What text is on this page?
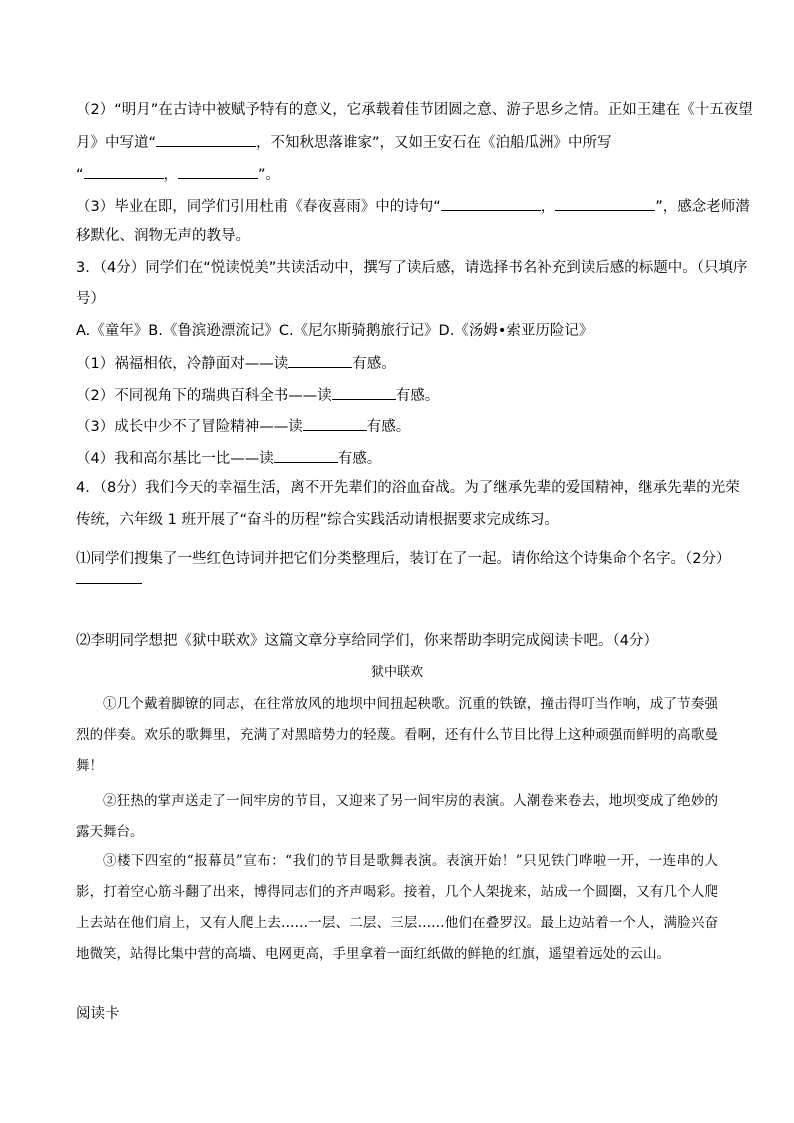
（2）“明月”在古诗中被赋予特有的意义，它承载着佳节团圆之意、游子思乡之情。正如王建在《十五夜望
月》中写道“	，不知秋思落谁家”，又如王安石在《泊船瓜洲》中所写
“	，	”。
（3）毕业在即，同学们引用杜甫《春夜喜雨》中的诗句“	，	”，感念老师潜
移默化、润物无声的教导。
3．（4分）同学们在“悦读悦美”共读活动中，撰写了读后感，请选择书名补充到读后感的标题中。（只填序
号）
A.《童年》B.《鲁滨逊漂流记》C.《尼尔斯骑鹅旅行记》D.《汤姆•索亚历险记》
（1）祸福相依，冷静面对——读	有感。
（2）不同视角下的瑞典百科全书——读	有感。
（3）成长中少不了冒险精神——读	有感。
（4）我和高尔基比一比——读	有感。
4．（8分）我们今天的幸福生活，离不开先辈们的浴血奋战。为了继承先辈的爱国精神，继承先辈的光荣
传统，六年级 1 班开展了“奋斗的历程”综合实践活动请根据要求完成练习。
⑴同学们搜集了一些红色诗词并把它们分类整理后，装订在了一起。请你给这个诗集命个名字。（2分）
⑵李明同学想把《狱中联欢》这篇文章分享给同学们，你来帮助李明完成阅读卡吧。（4分）
狱中联欢

①几个戴着脚镣的同志，在往常放风的地坝中间扭起秧歌。沉重的铁镣，撞击得叮当作响，成了节奏强烈的伴奏。欢乐的歌舞里，充满了对黑暗势力的轻蔑。看啊，还有什么节目比得上这种顽强而鲜明的高歌曼舞！

②狂热的掌声送走了一间牢房的节目，又迎来了另一间牢房的表演。人潮卷来卷去，地坝变成了绝妙的露天舞台。

③楼下四室的“报幕员”宣布：“我们的节目是歌舞表演。表演开始！”只见铁门哗啦一开，一连串的人影，打着空心筋斗翻了出来，博得同志们的齐声喝彩。接着，几个人架拢来，站成一个圆圈，又有几个人爬上去站在他们肩上，又有人爬上去……一层、二层、三层……他们在叠罗汉。最上边站着一个人，满脸兴奋地微笑，站得比集中营的高墙、电网更高，手里拿着一面红纸做的鲜艳的红旗，遥望着远处的云山。

阅读卡
